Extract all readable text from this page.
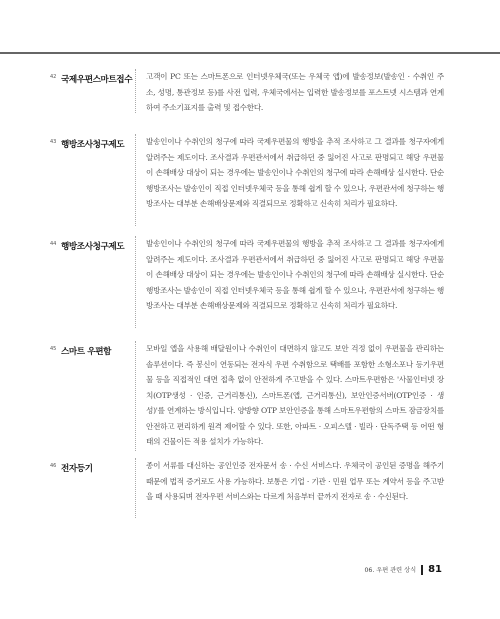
42 국제우편스마트접수 고객이 PC 또는 스마트폰으로 인터넷우체국(또는 우체국 앱)에 발송정보(발송인 · 수취인 주소, 성명, 통관정보 등)를 사전 입력, 우체국에서는 입력한 발송정보를 포스트넷 시스템과 연계하여 주소기표지를 출력 및 접수한다.
43 행방조사청구제도	발송인이나 수취인의 청구에 따라 국제우편물의 행방을 추적 조사하고 그 결과를 청구자에게 알려주는 제도이다. 조사결과 우편관서에서 취급하던 중 잃어진 사고로 판명되고 해당 우편물이 손해배상 대상이 되는 경우에는 발송인이나 수취인의 청구에 따라 손해배상 실시한다. 단순 행방조사는 발송인이 직접 인터넷우체국 등을 통해 쉽게 할 수 있으나, 우편관서에 청구하는 행방조사는 대부분 손해배상문제와 직결되므로 정확하고 신속히 처리가 필요하다.
44 행방조사청구제도	발송인이나 수취인의 청구에 따라 국제우편물의 행방을 추적 조사하고 그 결과를 청구자에게 알려주는 제도이다. 조사결과 우편관서에서 취급하던 중 잃어진 사고로 판명되고 해당 우편물이 손해배상 대상이 되는 경우에는 발송인이나 수취인의 청구에 따라 손해배상 실시한다. 단순 행방조사는 발송인이 직접 인터넷우체국 등을 통해 쉽게 할 수 있으나, 우편관서에 청구하는 행방조사는 대부분 손해배상문제와 직결되므로 정확하고 신속히 처리가 필요하다.
45 스마트 우편함	모바일 앱을 사용해 배달원이나 수취인이 대면하지 않고도 보안 걱정 없이 우편물을 관리하는 솔루션이다. 즉 봉신이 연동되는 전자식 우편 수취함으로 택배를 포함한 소형소포나 등기우편물 등을 직접적인 대면 접촉 없이 안전하게 주고받을 수 있다. 스마트우편함은 '사물인터넷 장치(OTP생성 · 인증, 근거리통신), 스마트폰(앱, 근거리통신), 보안인증서버(OTP인증 · 생성)'를 연계하는 방식입니다. 양방향 OTP 보안인증을 통해 스마트우편함의 스마트 잠금장치를 안전하고 편리하게 원격 제어할 수 있다. 또한, 아파트 · 오피스텔 · 빌라 · 단독주택 등 어떤 형태의 건물이든 적용 설치가 가능하다.
46 전자등기	종이 서류를 대신하는 공인인증 전자문서 송 · 수신 서비스다. 우체국이 공인된 증명을 해주기 때문에 법적 증거로도 사용 가능하다. 보통은 기업 · 기관 · 민원 업무 또는 계약서 등을 주고받을 때 사용되며 전자우편 서비스와는 다르게 처음부터 끝까지 전자로 송 · 수신된다.
06. 우편 관련 상식 81
